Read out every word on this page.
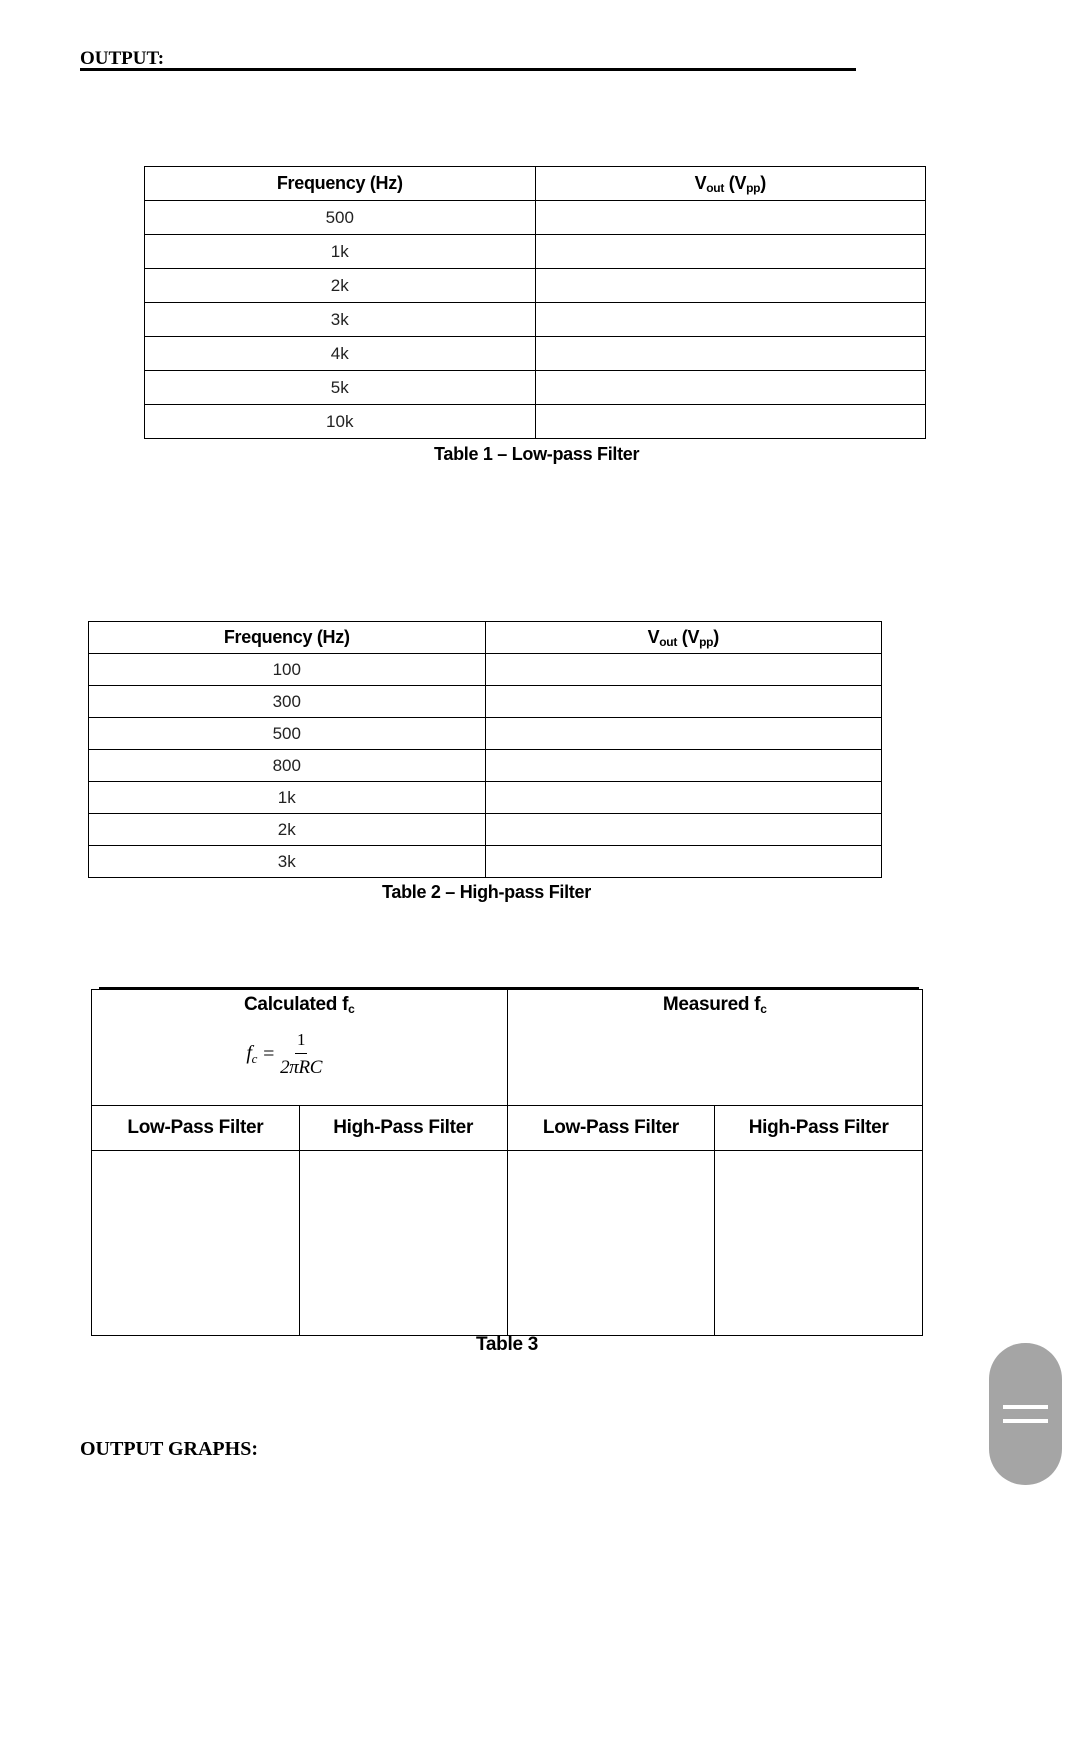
OUTPUT:
Frequency (Hz)	Vout (Vpp)
500	
1k	
2k	
3k	
4k	
5k	
10k	
Table 1 – Low-pass Filter
Frequency (Hz)	Vout (Vpp)
100	
300	
500	
800	
1k	
2k	
3k	
Table 2 – High-pass Filter
Calculated fc
$f_c = \frac{1}{\text{2πRC}}$		Measured fc	
Low-Pass Filter	High-Pass Filter	Low-Pass Filter	High-Pass Filter

Table 3
OUTPUT GRAPHS:
